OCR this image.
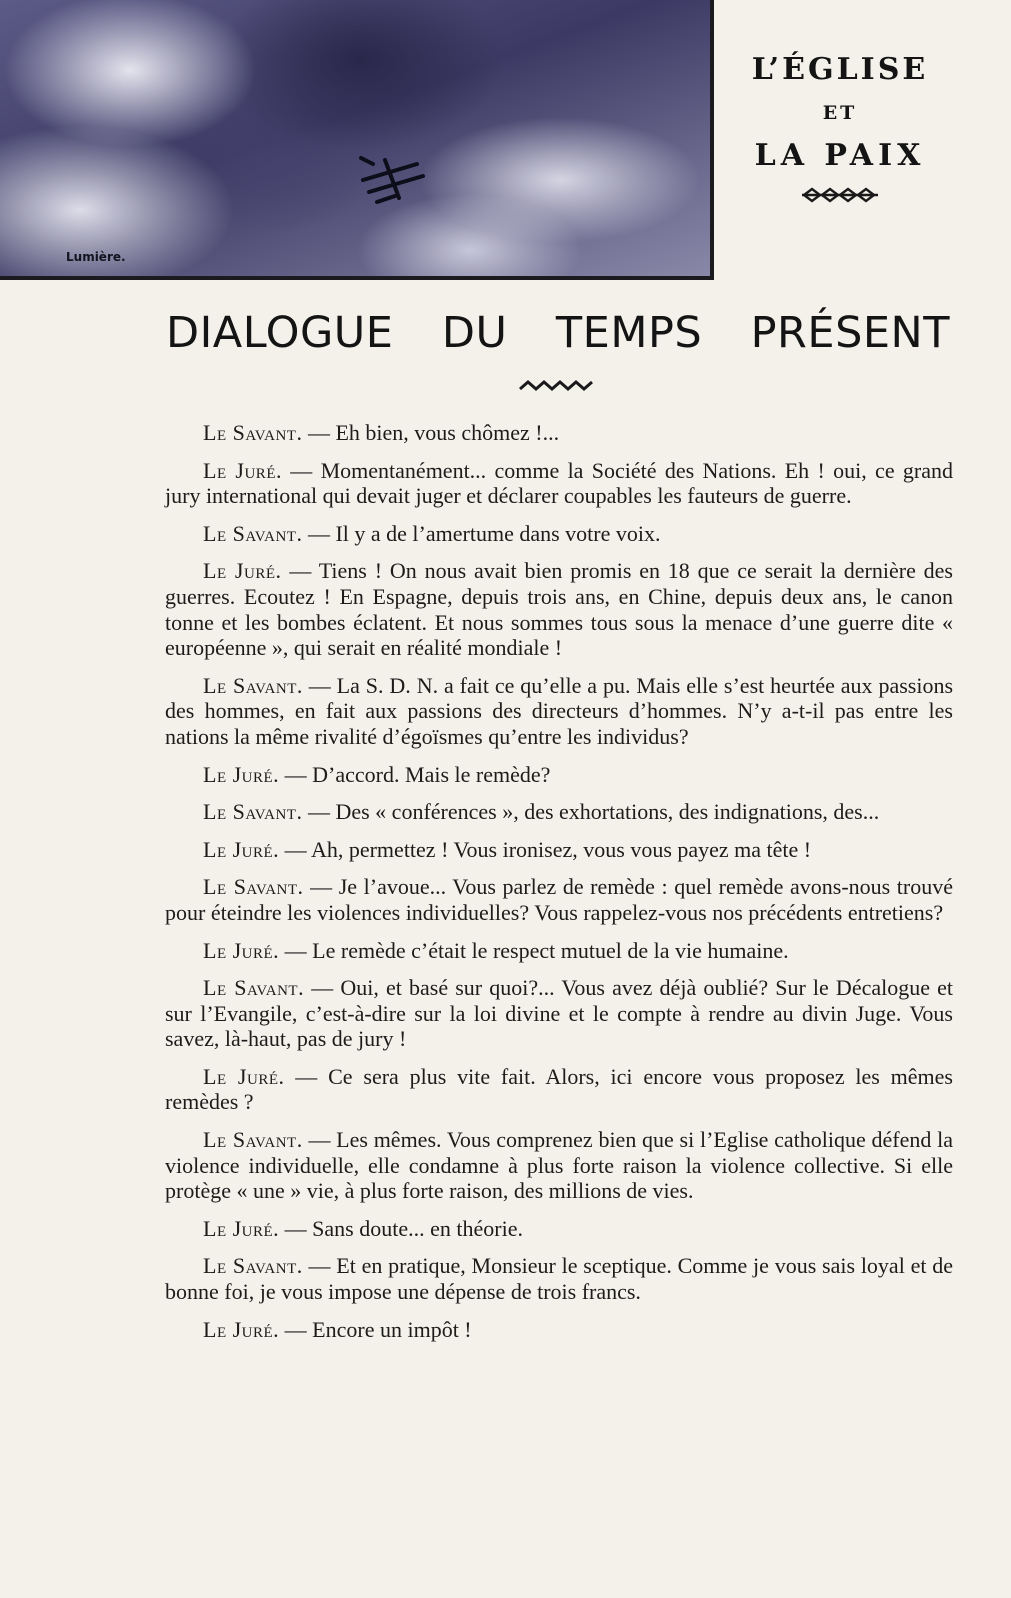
Lumière.
L’ÉGLISE
ET
LA PAIX
DIALOGUE DU TEMPS PRÉSENT

Le Savant. — Eh bien, vous chômez !...

Le Juré. — Momentanément... comme la Société des Nations. Eh ! oui, ce grand jury international qui devait juger et déclarer coupables les fauteurs de guerre.

Le Savant. — Il y a de l’amertume dans votre voix.

Le Juré. — Tiens ! On nous avait bien promis en 18 que ce serait la dernière des guerres. Ecoutez ! En Espagne, depuis trois ans, en Chine, depuis deux ans, le canon tonne et les bombes éclatent. Et nous sommes tous sous la menace d’une guerre dite « européenne », qui serait en réalité mondiale !

Le Savant. — La S. D. N. a fait ce qu’elle a pu. Mais elle s’est heurtée aux passions des hommes, en fait aux passions des directeurs d’hommes. N’y a-t-il pas entre les nations la même rivalité d’égoïsmes qu’entre les individus?

Le Juré. — D’accord. Mais le remède?

Le Savant. — Des « conférences », des exhortations, des indignations, des...

Le Juré. — Ah, permettez ! Vous ironisez, vous vous payez ma tête !

Le Savant. — Je l’avoue... Vous parlez de remède : quel remède avons-nous trouvé pour éteindre les violences individuelles? Vous rappelez-vous nos précédents entretiens?

Le Juré. — Le remède c’était le respect mutuel de la vie humaine.

Le Savant. — Oui, et basé sur quoi?... Vous avez déjà oublié? Sur le Décalogue et sur l’Evangile, c’est-à-dire sur la loi divine et le compte à rendre au divin Juge. Vous savez, là-haut, pas de jury !

Le Juré. — Ce sera plus vite fait. Alors, ici encore vous proposez les mêmes remèdes ?

Le Savant. — Les mêmes. Vous comprenez bien que si l’Eglise catholique défend la violence individuelle, elle condamne à plus forte raison la violence collective. Si elle protège « une » vie, à plus forte raison, des millions de vies.

Le Juré. — Sans doute... en théorie.

Le Savant. — Et en pratique, Monsieur le sceptique. Comme je vous sais loyal et de bonne foi, je vous impose une dépense de trois francs.

Le Juré. — Encore un impôt !
